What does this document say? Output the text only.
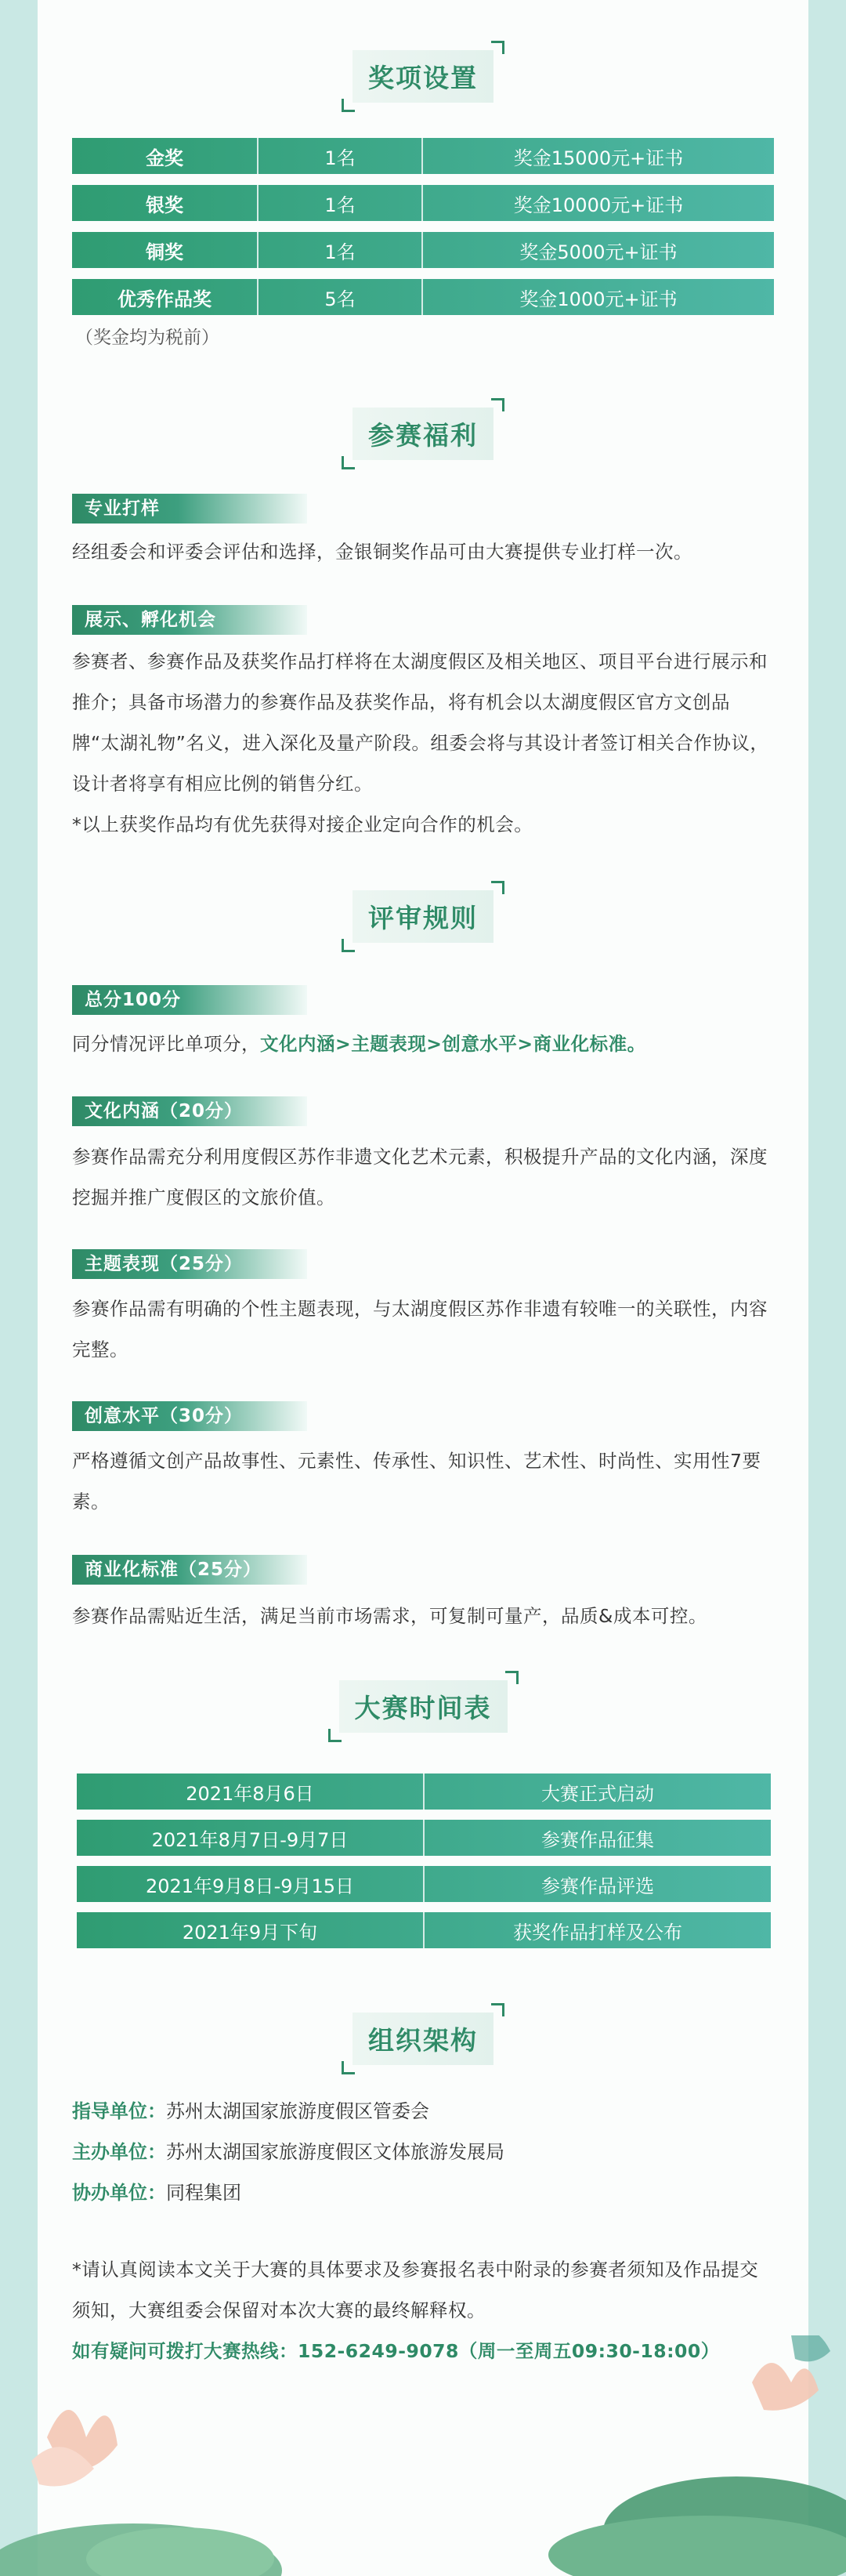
奖项设置
金奖	1名	奖金15000元+证书
银奖	1名	奖金10000元+证书
铜奖	1名	奖金5000元+证书
优秀作品奖	5名	奖金1000元+证书
（奖金均为税前）
参赛福利
专业打样

经组委会和评委会评估和选择，金银铜奖作品可由大赛提供专业打样一次。

展示、孵化机会

参赛者、参赛作品及获奖作品打样将在太湖度假区及相关地区、项目平台进行展示和推介；具备市场潜力的参赛作品及获奖作品，将有机会以太湖度假区官方文创品牌“太湖礼物”名义，进入深化及量产阶段。组委会将与其设计者签订相关合作协议，设计者将享有相应比例的销售分红。

*以上获奖作品均有优先获得对接企业定向合作的机会。

评审规则
总分100分

同分情况评比单项分，文化内涵>主题表现>创意水平>商业化标准。

文化内涵（20分）

参赛作品需充分利用度假区苏作非遗文化艺术元素，积极提升产品的文化内涵，深度挖掘并推广度假区的文旅价值。

主题表现（25分）

参赛作品需有明确的个性主题表现，与太湖度假区苏作非遗有较唯一的关联性，内容完整。

创意水平（30分）

严格遵循文创产品故事性、元素性、传承性、知识性、艺术性、时尚性、实用性7要素。

商业化标准（25分）

参赛作品需贴近生活，满足当前市场需求，可复制可量产，品质&成本可控。

大赛时间表
2021年8月6日	大赛正式启动
2021年8月7日-9月7日	参赛作品征集
2021年9月8日-9月15日	参赛作品评选
2021年9月下旬	获奖作品打样及公布
组织架构
指导单位：苏州太湖国家旅游度假区管委会
主办单位：苏州太湖国家旅游度假区文体旅游发展局
协办单位：同程集团

*请认真阅读本文关于大赛的具体要求及参赛报名表中附录的参赛者须知及作品提交须知，大赛组委会保留对本次大赛的最终解释权。

如有疑问可拨打大赛热线：152-6249-9078（周一至周五09:30-18:00）
